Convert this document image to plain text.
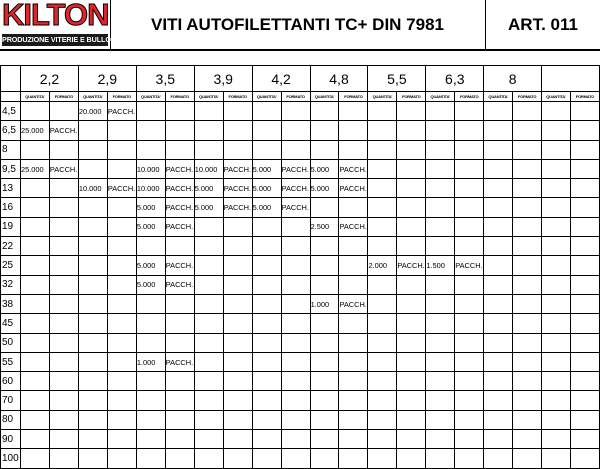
KILTON
PRODUZIONE VITERIE E BULLONERIE
VITI AUTOFILETTANTI TC+ DIN 7981	ART. 011
	2,2		2,9		3,5		3,9		4,2		4,8		5,5		6,3		8			
	QUANTITA'	FORMATO	QUANTITA'	FORMATO	QUANTITA'	FORMATO	QUANTITA'	FORMATO	QUANTITA'	FORMATO	QUANTITA'	FORMATO	QUANTITA'	FORMATO	QUANTITA'	FORMATO	QUANTITA'	FORMATO	QUANTITA'	FORMATO
4,5			20.000	PACCH.																
6,5	25.000	PACCH.																		
8																				
9,5	25.000	PACCH.			10.000	PACCH.	10.000	PACCH.	5.000	PACCH.	5.000	PACCH.								
13			10.000	PACCH.	10.000	PACCH.	5.000	PACCH.	5.000	PACCH.	5.000	PACCH.								
16					5.000	PACCH.	5.000	PACCH.	5.000	PACCH.										
19					5.000	PACCH.					2.500	PACCH.								
22																				
25					5.000	PACCH.							2.000	PACCH.	1.500	PACCH.				
32					5.000	PACCH.														
38											1.000	PACCH.								
45																				
50																				
55					1.000	PACCH.														
60																				
70																				
80																				
90																				
100																				
